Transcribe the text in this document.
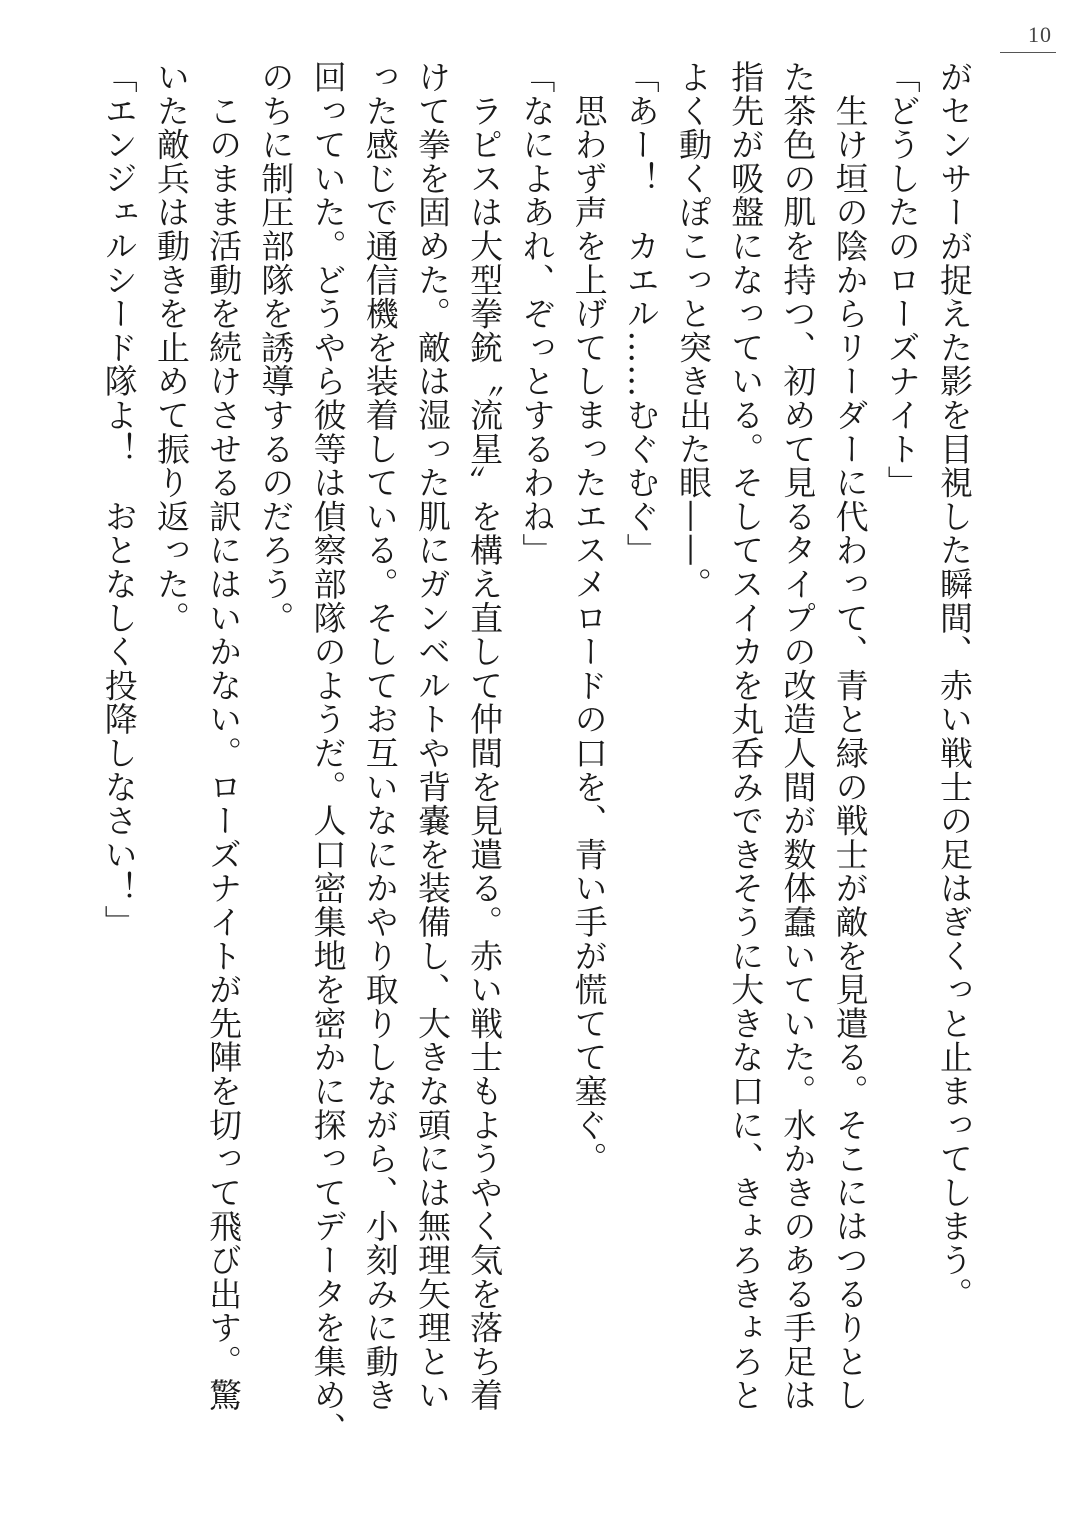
10
がセンサーが捉えた影を目視した瞬間、赤い戦士の足はぎくっと止まってしまう。
「どうしたのローズナイト」
　生け垣の陰からリーダーに代わって、青と緑の戦士が敵を見遣る。そこにはつるりとし
た茶色の肌を持つ、初めて見るタイプの改造人間が数体蠢いていた。水かきのある手足は
指先が吸盤になっている。そしてスイカを丸呑みできそうに大きな口に、きょろきょろと
よく動くぽこっと突き出た眼——。
「あー！　カエル……むぐむぐ」
　思わず声を上げてしまったエスメロードの口を、青い手が慌てて塞ぐ。
「なによあれ、ぞっとするわね」
　ラピスは大型拳銃〝流星〟を構え直して仲間を見遣る。赤い戦士もようやく気を落ち着
けて拳を固めた。敵は湿った肌にガンベルトや背嚢を装備し、大きな頭には無理矢理とい
った感じで通信機を装着している。そしてお互いなにかやり取りしながら、小刻みに動き
回っていた。どうやら彼等は偵察部隊のようだ。人口密集地を密かに探ってデータを集め、
のちに制圧部隊を誘導するのだろう。
　このまま活動を続けさせる訳にはいかない。ローズナイトが先陣を切って飛び出す。驚
いた敵兵は動きを止めて振り返った。
「エンジェルシード隊よ！　おとなしく投降しなさい！」
